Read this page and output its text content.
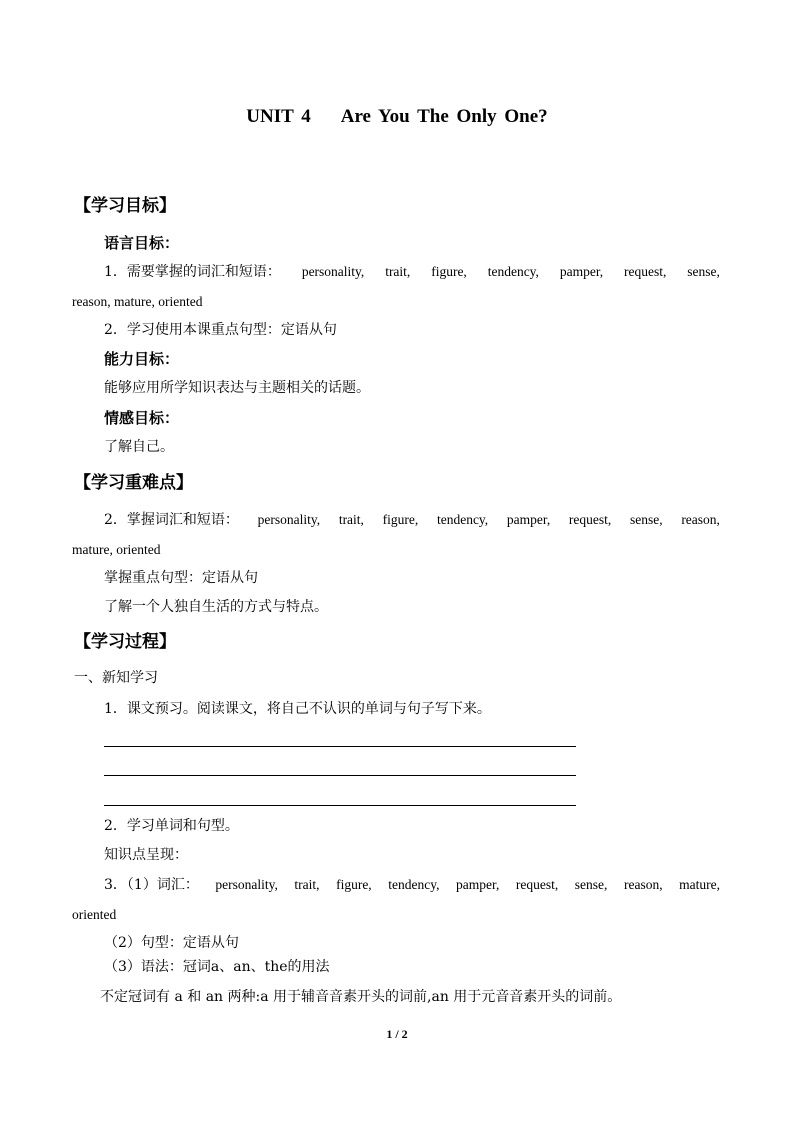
UNIT 4 Are You The Only One?
【学习目标】
语言目标：
1．需要掌握的词汇和短语： personality, trait, figure, tendency, pamper, request, sense,
reason, mature, oriented
2．学习使用本课重点句型：定语从句
能力目标：
能够应用所学知识表达与主题相关的话题。
情感目标：
了解自己。
【学习重难点】
2．掌握词汇和短语： personality, trait, figure, tendency, pamper, request, sense, reason,
mature, oriented
掌握重点句型：定语从句
了解一个人独自生活的方式与特点。
【学习过程】
一、新知学习
1．课文预习。阅读课文，将自己不认识的单词与句子写下来。
2．学习单词和句型。
知识点呈现：
3．（1）词汇： personality, trait, figure, tendency, pamper, request, sense, reason, mature,
oriented
（2）句型：定语从句
（3）语法：冠词a、an、the的用法
不定冠词有 a 和 an 两种:a 用于辅音音素开头的词前,an 用于元音音素开头的词前。
1 / 2
